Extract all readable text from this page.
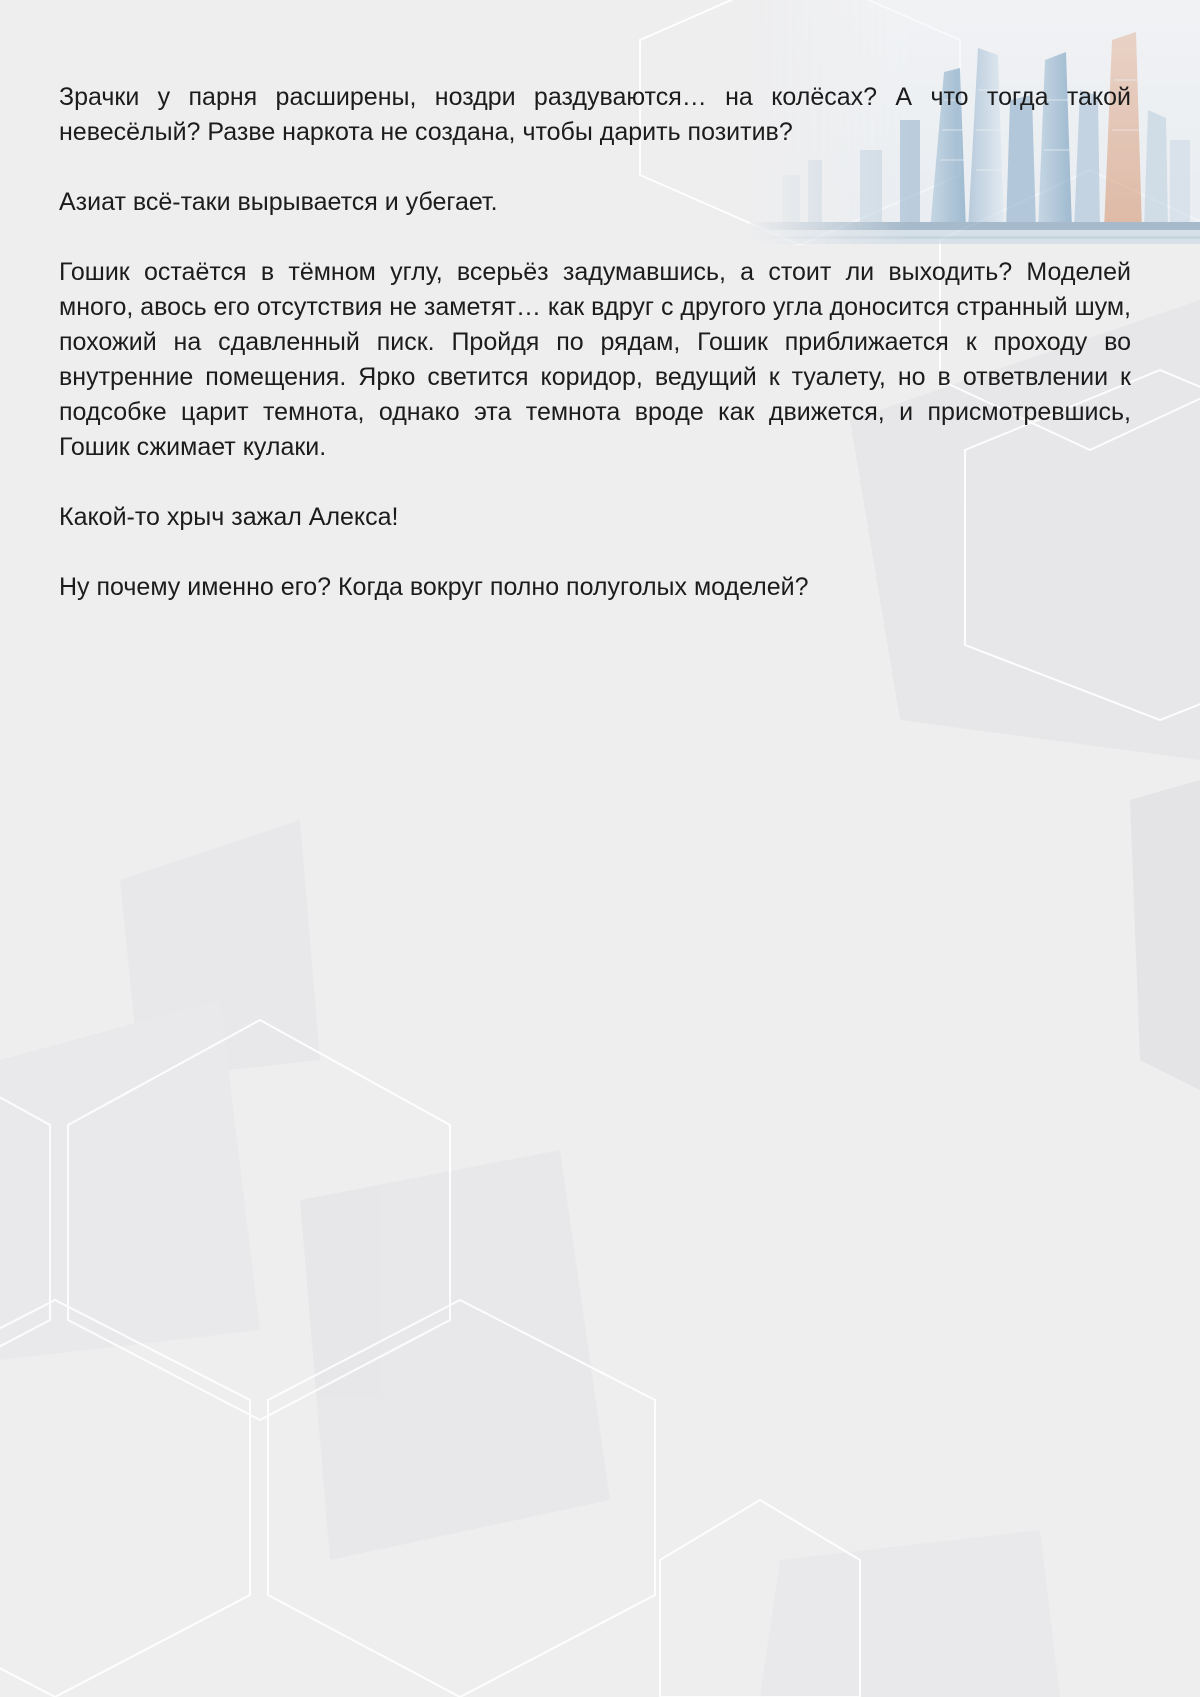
Зрачки у парня расширены, ноздри раздуваются… на колёсах? А что тогда такой невесёлый? Разве наркота не создана, чтобы дарить позитив?

Азиат всё-таки вырывается и убегает.

Гошик остаётся в тёмном углу, всерьёз задумавшись, а стоит ли выходить? Моделей много, авось его отсутствия не заметят… как вдруг с другого угла доносится странный шум, похожий на сдавленный писк. Пройдя по рядам, Гошик приближается к проходу во внутренние помещения. Ярко светится коридор, ведущий к туалету, но в ответвлении к подсобке царит темнота, однако эта темнота вроде как движется, и присмотревшись, Гошик сжимает кулаки.

Какой-то хрыч зажал Алекса!

Ну почему именно его? Когда вокруг полно полуголых моделей?
